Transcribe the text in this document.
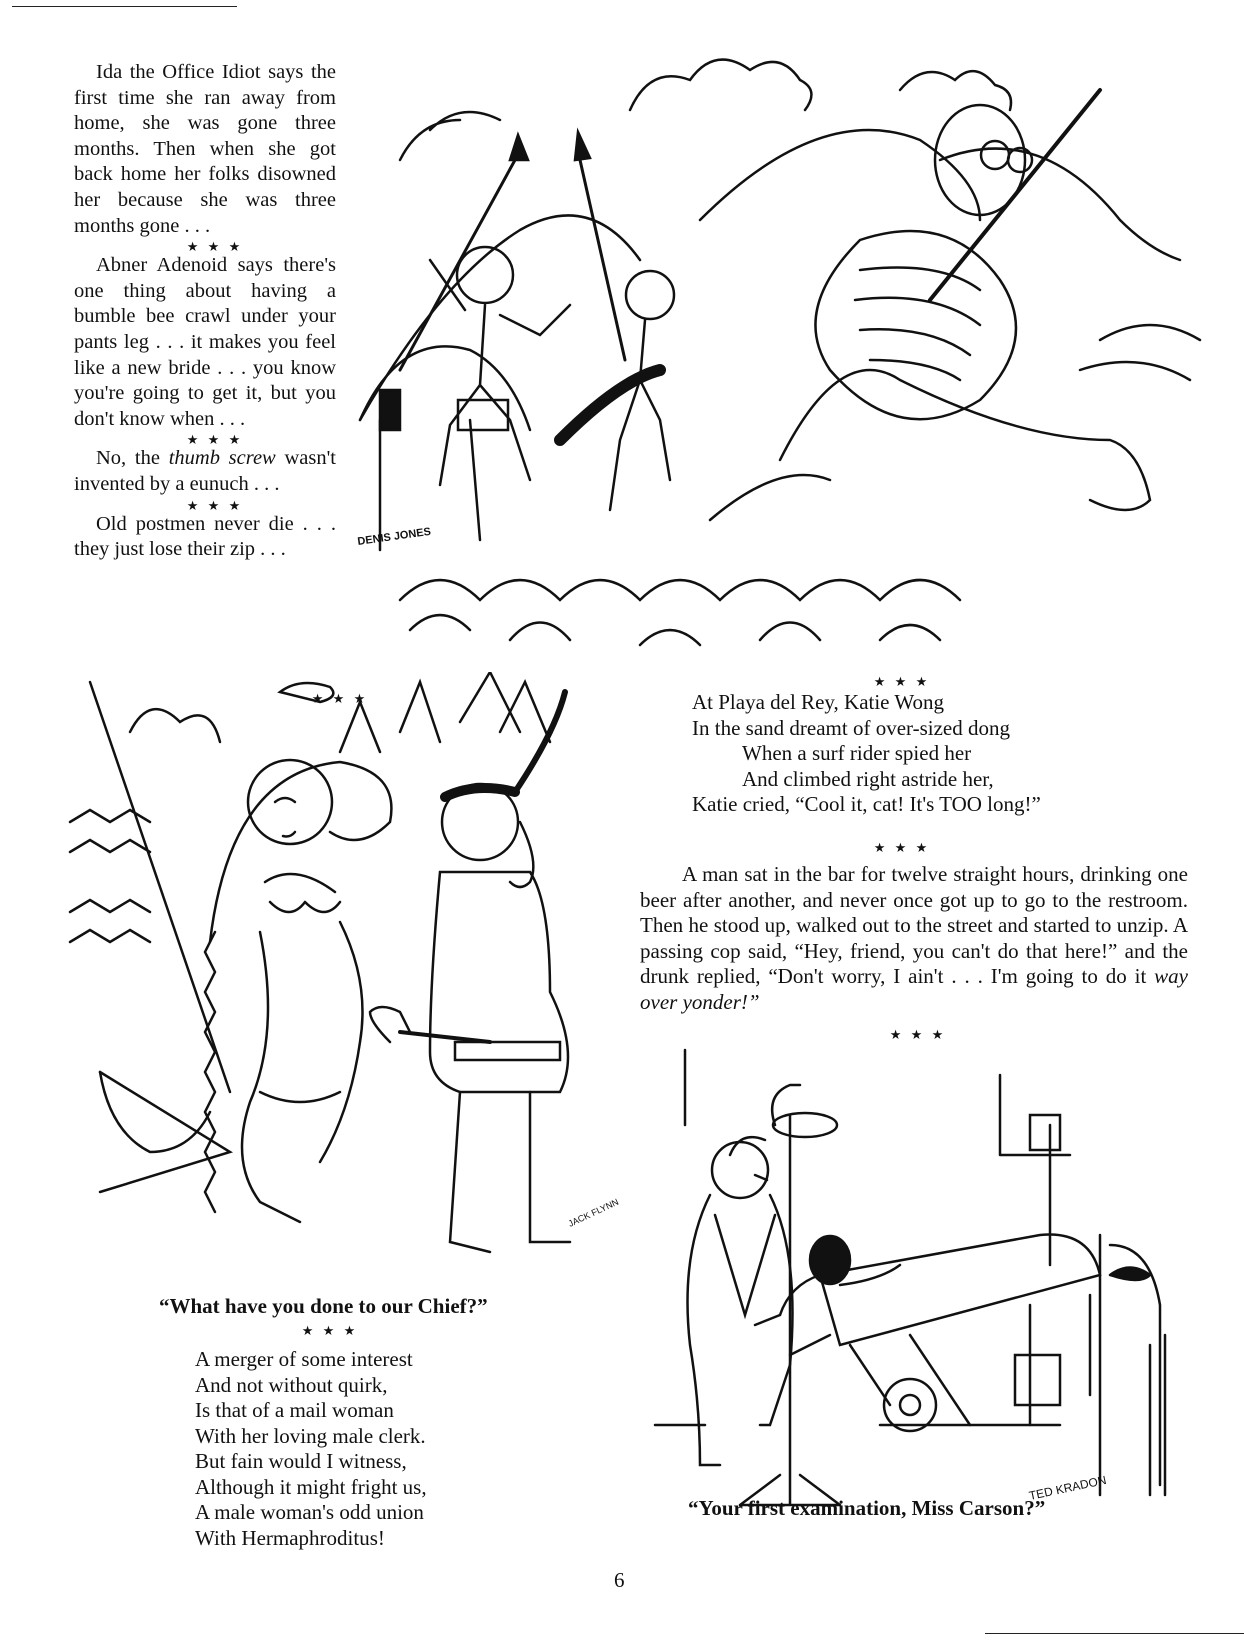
Ida the Office Idiot says the first time she ran away from home, she was gone three months. Then when she got back home her folks disowned her because she was three months gone . . .

★ ★ ★

Abner Adenoid says there's one thing about having a bumble bee crawl under your pants leg . . . it makes you feel like a new bride . . . you know you're going to get it, but you don't know when . . .

★ ★ ★

No, the thumb screw wasn't invented by a eunuch . . .

★ ★ ★

Old postmen never die . . . they just lose their zip . . .

DENIS JONES
JACK FLYNN
“What have you done to our Chief?”
★ ★ ★
A merger of some interest
And not without quirk,
Is that of a mail woman
With her loving male clerk.
But fain would I witness,
Although it might fright us,
A male woman's odd union
With Hermaphroditus!
★ ★ ★
★ ★ ★
At Playa del Rey, Katie Wong
In the sand dreamt of over-sized dong
When a surf rider spied her
And climbed right astride her,
Katie cried, “Cool it, cat! It's TOO long!”
★ ★ ★

A man sat in the bar for twelve straight hours, drinking one beer after another, and never once got up to go to the restroom. Then he stood up, walked out to the street and started to unzip. A passing cop said, “Hey, friend, you can't do that here!” and the drunk replied, “Don't worry, I ain't . . . I'm going to do it way over yonder!”

★ ★ ★
TED KRADON
“Your first examination, Miss Carson?”
6
